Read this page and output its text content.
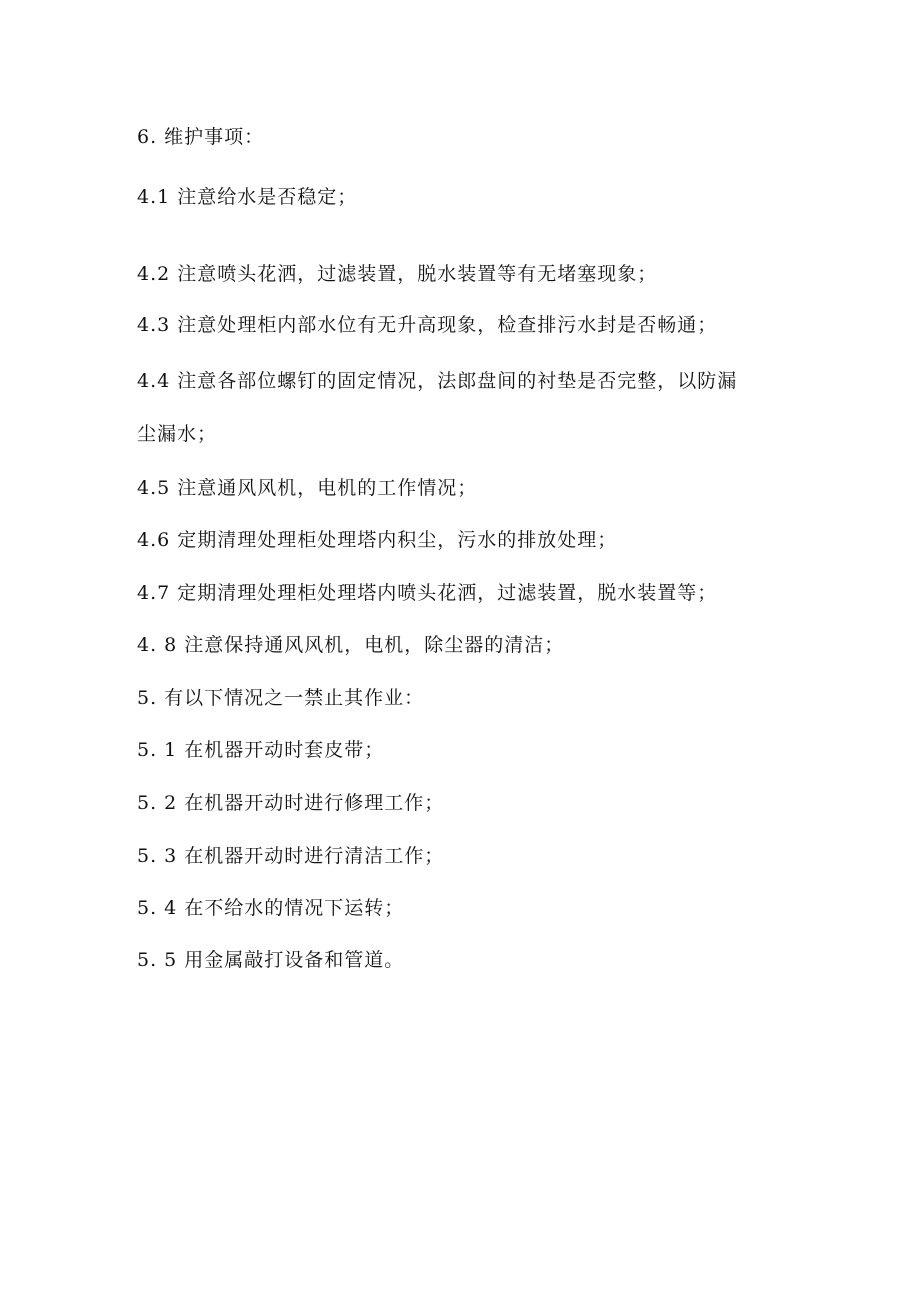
6. 维护事项：
4.1 注意给水是否稳定；
4.2 注意喷头花洒，过滤装置，脱水装置等有无堵塞现象；
4.3 注意处理柜内部水位有无升高现象，检查排污水封是否畅通；
4.4 注意各部位螺钉的固定情况，法郎盘间的衬垫是否完整，以防漏
尘漏水；
4.5 注意通风风机，电机的工作情况；
4.6 定期清理处理柜处理塔内积尘，污水的排放处理；
4.7 定期清理处理柜处理塔内喷头花洒，过滤装置，脱水装置等；
4. 8 注意保持通风风机，电机，除尘器的清洁；
5. 有以下情况之一禁止其作业：
5. 1 在机器开动时套皮带；
5. 2 在机器开动时进行修理工作；
5. 3 在机器开动时进行清洁工作；
5. 4 在不给水的情况下运转；
5. 5 用金属敲打设备和管道。
